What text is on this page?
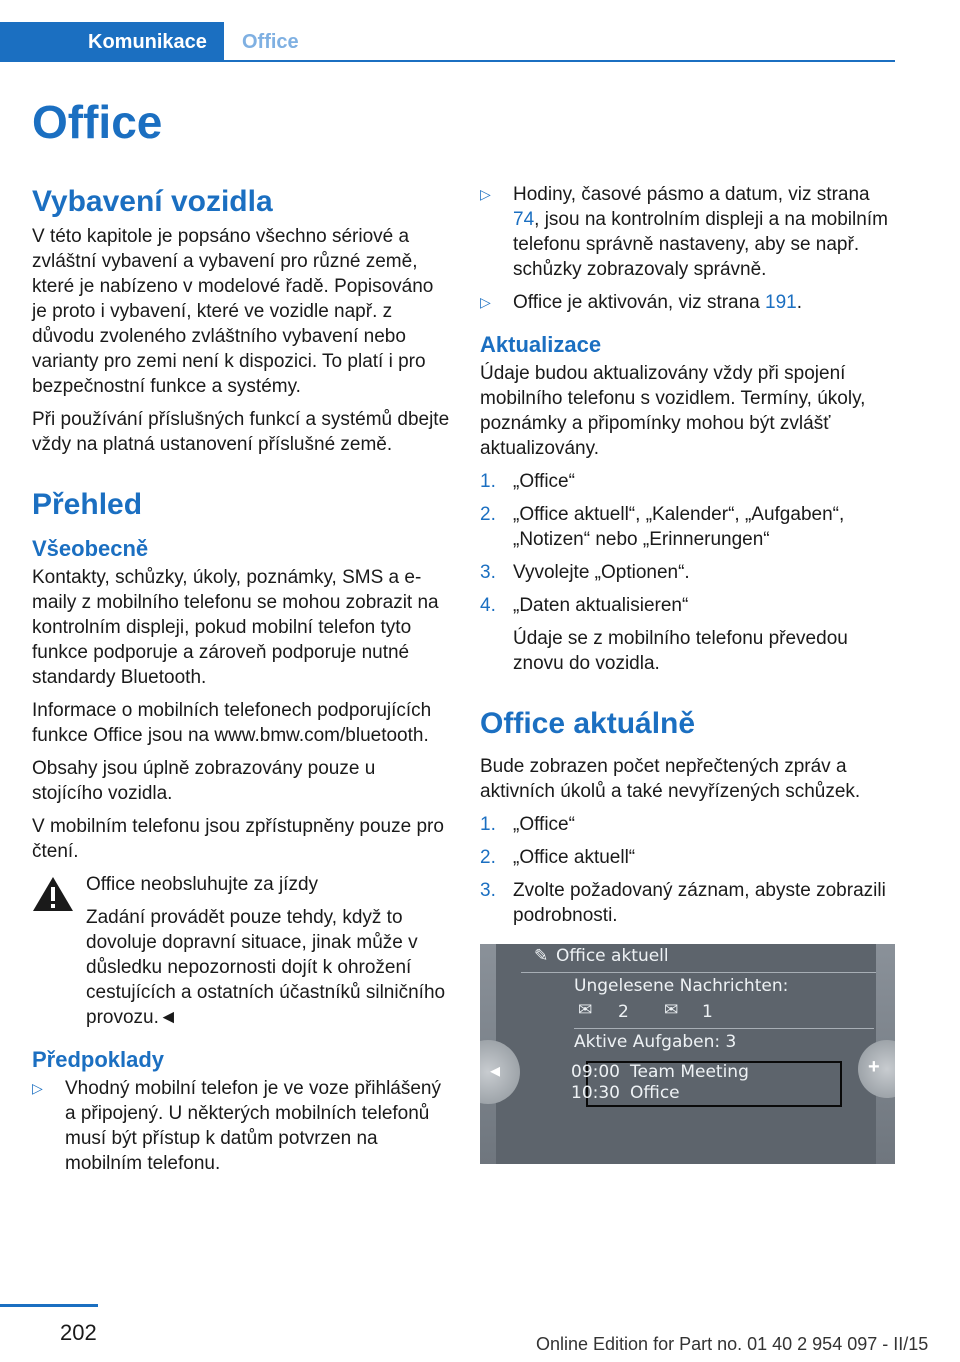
Komunikace	Office
Office
Vybavení vozidla

V této kapitole je popsáno všechno sériové a zvláštní vybavení a vybavení pro různé země, které je nabízeno v modelové řadě. Popisováno je proto i vybavení, které ve vozidle např. z důvodu zvoleného zvláštního vybavení nebo varianty pro zemi není k dispozici. To platí i pro bezpečnostní funkce a systémy.

Při používání příslušných funkcí a systémů dbejte vždy na platná ustanovení příslušné země.

Přehled
Všeobecně

Kontakty, schůzky, úkoly, poznámky, SMS a e-maily z mobilního telefonu se mohou zobrazit na kontrolním displeji, pokud mobilní telefon tyto funkce podporuje a zároveň podporuje nutné standardy Bluetooth.

Informace o mobilních telefonech podporujících funkce Office jsou na www.bmw.com/bluetooth.

Obsahy jsou úplně zobrazovány pouze u stojícího vozidla.

V mobilním telefonu jsou zpřístupněny pouze pro čtení.

Office neobsluhujte za jízdy

Zadání provádět pouze tehdy, když to dovoluje dopravní situace, jinak může v důsledku nepozornosti dojít k ohrožení cestujících a ostatních účastníků silničního provozu.◄

Předpoklady
▷ Vhodný mobilní telefon je ve voze přihlášený a připojený. U některých mobilních telefonů musí být přístup k datům potvrzen na mobilním telefonu.
▷ Hodiny, časové pásmo a datum, viz strana 74, jsou na kontrolním displeji a na mobilním telefonu správně nastaveny, aby se např. schůzky zobrazovaly správně.
▷ Office je aktivován, viz strana 191.
Aktualizace

Údaje budou aktualizovány vždy při spojení mobilního telefonu s vozidlem. Termíny, úkoly, poznámky a připomínky mohou být zvlášť aktualizovány.

1. „Office“
2. „Office aktuell“, „Kalender“, „Aufgaben“, „Notizen“ nebo „Erinnerungen“
3. Vyvolejte „Optionen“.
4. „Daten aktualisieren“

Údaje se z mobilního telefonu převedou znovu do vozidla.

Office aktuálně

Bude zobrazen počet nepřečtených zpráv a aktivních úkolů a také nevyřízených schůzek.

1. „Office“
2. „Office aktuell“
3. Zvolte požadovaný záznam, abyste zobrazili podrobnosti.
✎ Office aktuell
Ungelesene Nachrichten:
✉ 2 ✉ 1
Aktive Aufgaben: 3
09:00 Team Meeting
10:30 Office
◂	+
202	Online Edition for Part no. 01 40 2 954 097 - II/15
